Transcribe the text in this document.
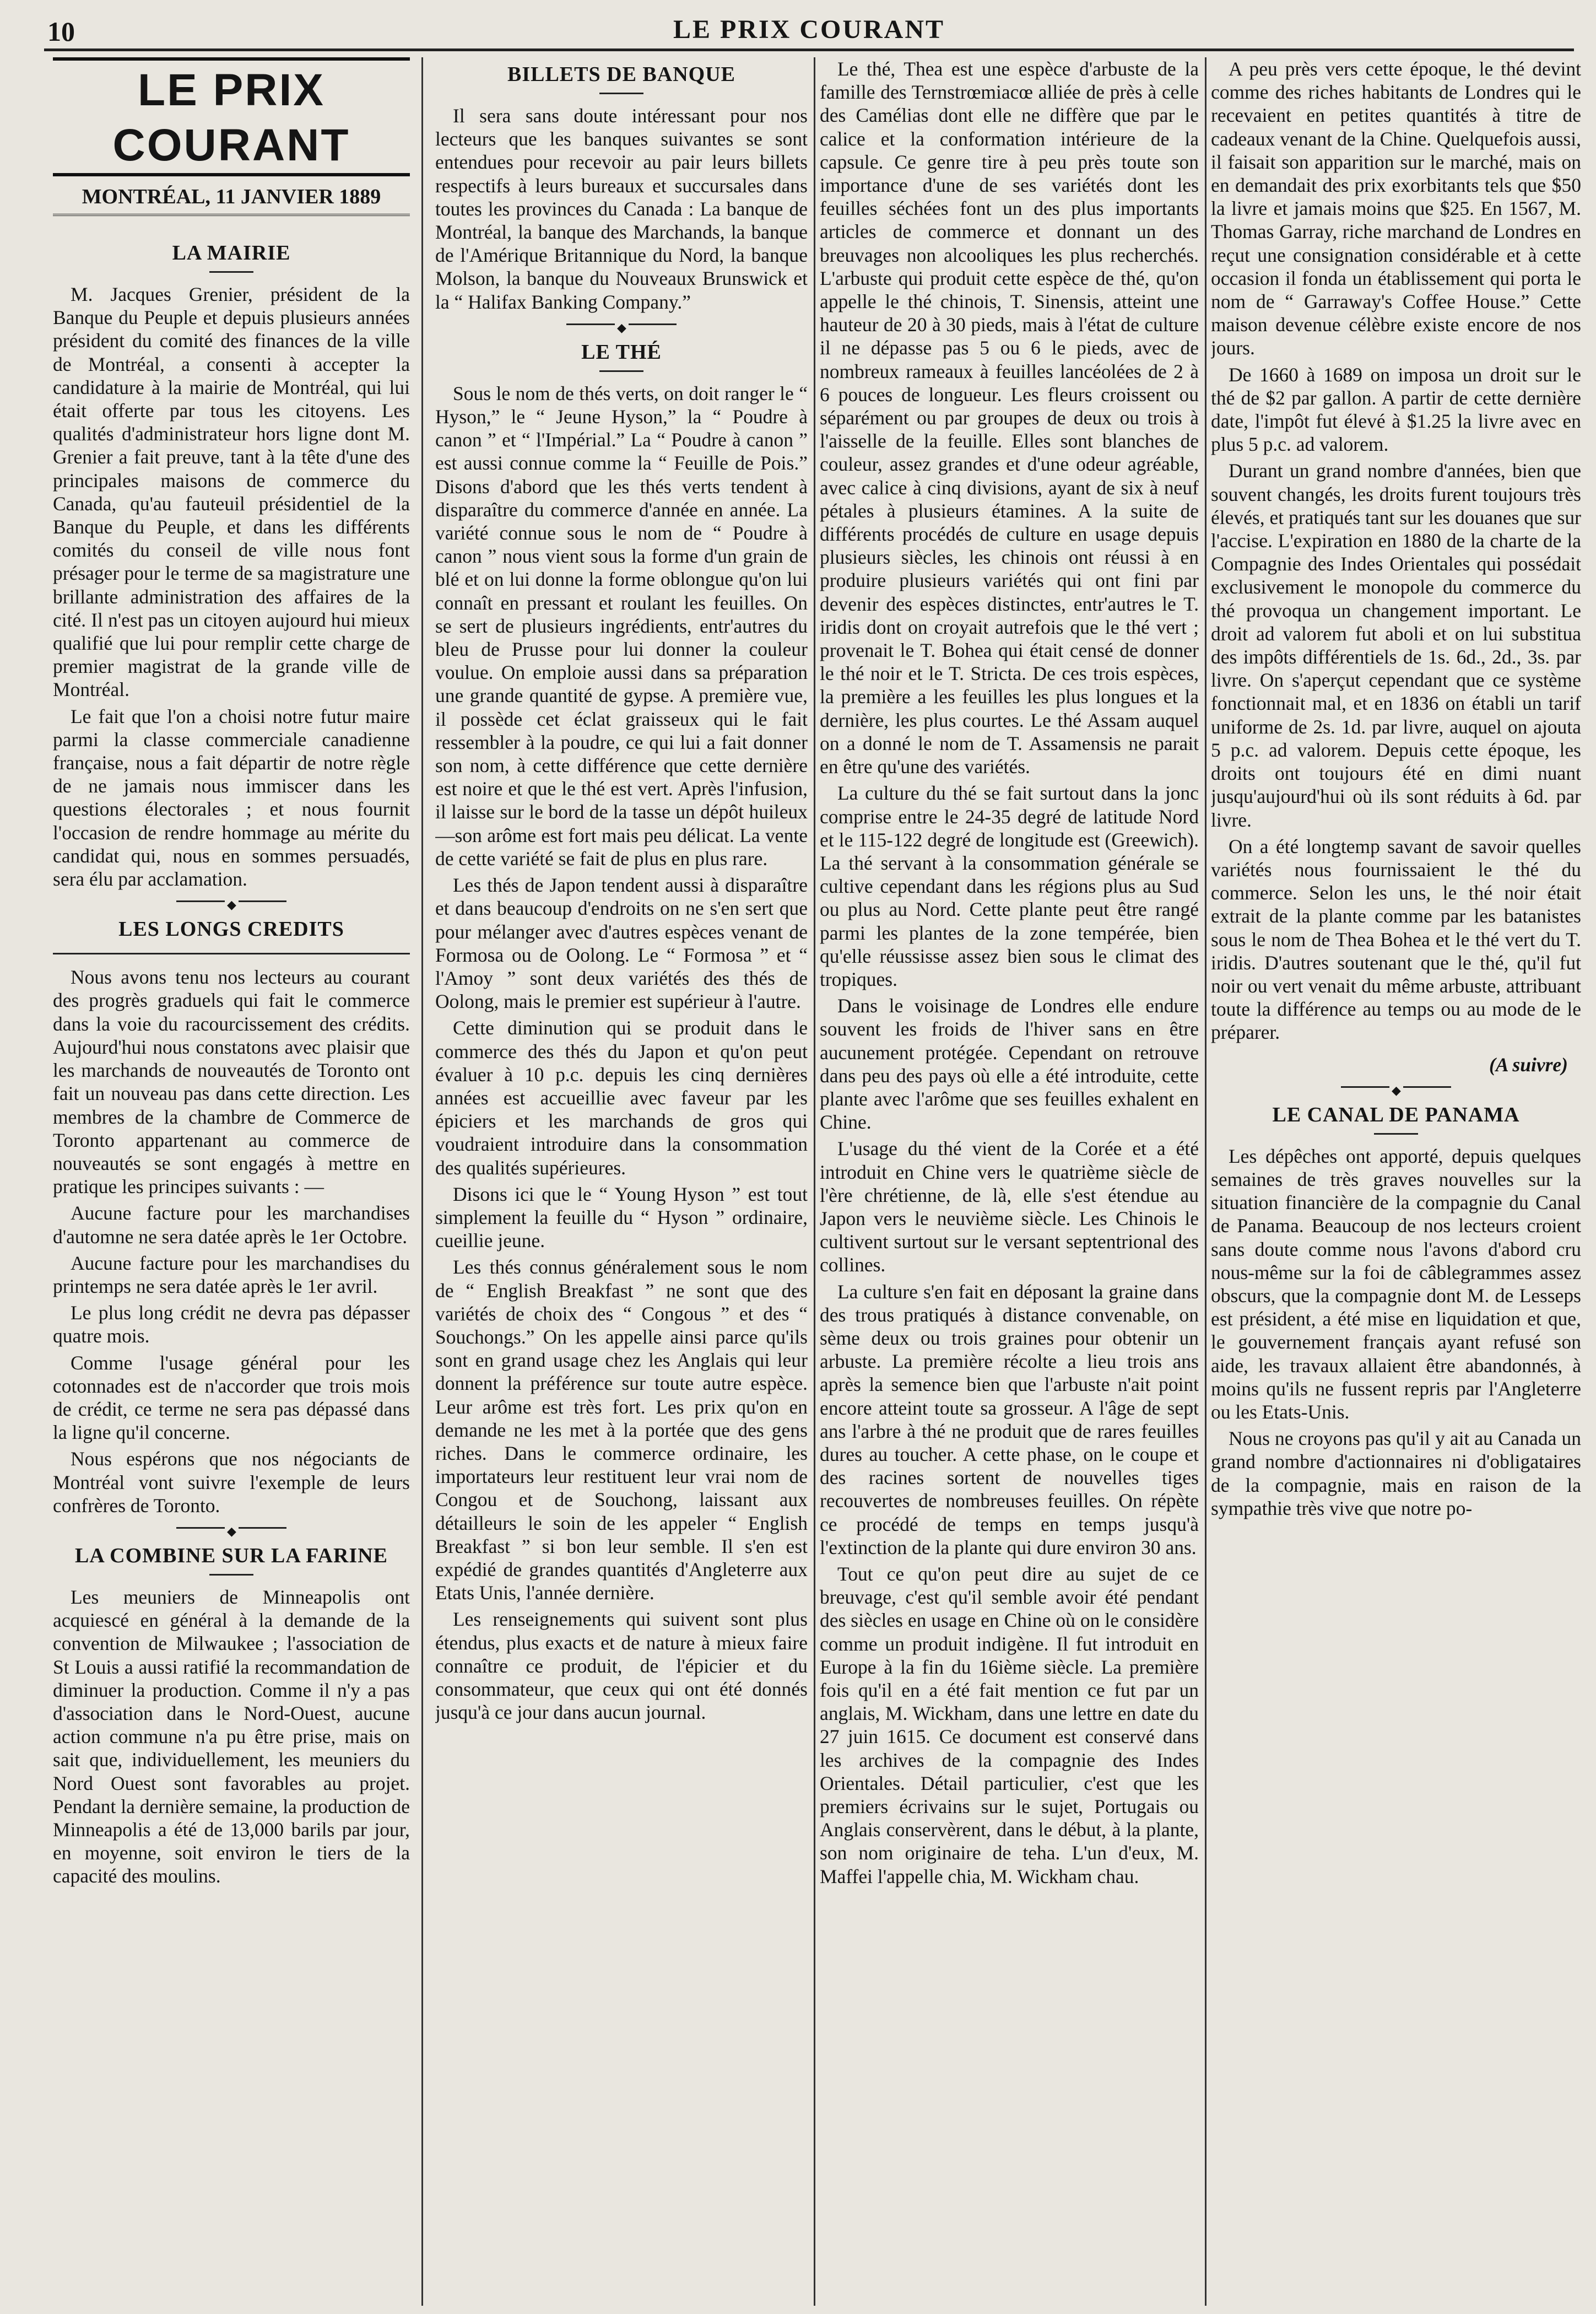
10	LE PRIX COURANT
LE PRIX COURANT
MONTRÉAL, 11 JANVIER 1889
LA MAIRIE

M. Jacques Grenier, président de la Banque du Peuple et depuis plusieurs années président du comité des finances de la ville de Montréal, a consenti à accepter la candidature à la mairie de Montréal, qui lui était offerte par tous les citoyens. Les qualités d'administrateur hors ligne dont M. Grenier a fait preuve, tant à la tête d'une des principales maisons de commerce du Canada, qu'au fauteuil présidentiel de la Banque du Peuple, et dans les différents comités du conseil de ville nous font présager pour le terme de sa magistrature une brillante administration des affaires de la cité. Il n'est pas un citoyen aujourd hui mieux qualifié que lui pour remplir cette charge de premier magistrat de la grande ville de Montréal.

Le fait que l'on a choisi notre futur maire parmi la classe commerciale canadienne française, nous a fait départir de notre règle de ne jamais nous immiscer dans les questions électorales ; et nous fournit l'occasion de rendre hommage au mérite du candidat qui, nous en sommes persuadés, sera élu par acclamation.

◆
LES LONGS CREDITS

Nous avons tenu nos lecteurs au courant des progrès graduels qui fait le commerce dans la voie du racourcissement des crédits. Aujourd'hui nous constatons avec plaisir que les marchands de nouveautés de Toronto ont fait un nouveau pas dans cette direction. Les membres de la chambre de Commerce de Toronto appartenant au commerce de nouveautés se sont engagés à mettre en pratique les principes suivants : —

Aucune facture pour les marchandises d'automne ne sera datée après le 1er Octobre.

Aucune facture pour les marchandises du printemps ne sera datée après le 1er avril.

Le plus long crédit ne devra pas dépasser quatre mois.

Comme l'usage général pour les cotonnades est de n'accorder que trois mois de crédit, ce terme ne sera pas dépassé dans la ligne qu'il concerne.

Nous espérons que nos négociants de Montréal vont suivre l'exemple de leurs confrères de Toronto.

◆
LA COMBINE SUR LA FARINE

Les meuniers de Minneapolis ont acquiescé en général à la demande de la convention de Milwaukee ; l'association de St Louis a aussi ratifié la recommandation de diminuer la production. Comme il n'y a pas d'association dans le Nord-Ouest, aucune action commune n'a pu être prise, mais on sait que, individuellement, les meuniers du Nord Ouest sont favorables au projet. Pendant la dernière semaine, la production de Minneapolis a été de 13,000 barils par jour, en moyenne, soit environ le tiers de la capacité des moulins.

BILLETS DE BANQUE

Il sera sans doute intéressant pour nos lecteurs que les banques suivantes se sont entendues pour recevoir au pair leurs billets respectifs à leurs bureaux et succursales dans toutes les provinces du Canada : La banque de Montréal, la banque des Marchands, la banque de l'Amérique Britannique du Nord, la banque Molson, la banque du Nouveaux Brunswick et la “ Halifax Banking Company.”

◆
LE THÉ

Sous le nom de thés verts, on doit ranger le “ Hyson,” le “ Jeune Hyson,” la “ Poudre à canon ” et “ l'Impérial.” La “ Poudre à canon ” est aussi connue comme la “ Feuille de Pois.” Disons d'abord que les thés verts tendent à disparaître du commerce d'année en année. La variété connue sous le nom de “ Poudre à canon ” nous vient sous la forme d'un grain de blé et on lui donne la forme oblongue qu'on lui connaît en pressant et roulant les feuilles. On se sert de plusieurs ingrédients, entr'autres du bleu de Prusse pour lui donner la couleur voulue. On emploie aussi dans sa préparation une grande quantité de gypse. A première vue, il possède cet éclat graisseux qui le fait ressembler à la poudre, ce qui lui a fait donner son nom, à cette différence que cette dernière est noire et que le thé est vert. Après l'infusion, il laisse sur le bord de la tasse un dépôt huileux—son arôme est fort mais peu délicat. La vente de cette variété se fait de plus en plus rare.

Les thés de Japon tendent aussi à disparaître et dans beaucoup d'endroits on ne s'en sert que pour mélanger avec d'autres espèces venant de Formosa ou de Oolong. Le “ Formosa ” et “ l'Amoy ” sont deux variétés des thés de Oolong, mais le premier est supérieur à l'autre.

Cette diminution qui se produit dans le commerce des thés du Japon et qu'on peut évaluer à 10 p.c. depuis les cinq dernières années est accueillie avec faveur par les épiciers et les marchands de gros qui voudraient introduire dans la consommation des qualités supérieures.

Disons ici que le “ Young Hyson ” est tout simplement la feuille du “ Hyson ” ordinaire, cueillie jeune.

Les thés connus généralement sous le nom de “ English Breakfast ” ne sont que des variétés de choix des “ Congous ” et des “ Souchongs.” On les appelle ainsi parce qu'ils sont en grand usage chez les Anglais qui leur donnent la préférence sur toute autre espèce. Leur arôme est très fort. Les prix qu'on en demande ne les met à la portée que des gens riches. Dans le commerce ordinaire, les importateurs leur restituent leur vrai nom de Congou et de Souchong, laissant aux détailleurs le soin de les appeler “ English Breakfast ” si bon leur semble. Il s'en est expédié de grandes quantités d'Angleterre aux Etats Unis, l'année dernière.

Les renseignements qui suivent sont plus étendus, plus exacts et de nature à mieux faire connaître ce produit, de l'épicier et du consommateur, que ceux qui ont été donnés jusqu'à ce jour dans aucun journal.

Le thé, Thea est une espèce d'arbuste de la famille des Ternstrœmiacœ alliée de près à celle des Camélias dont elle ne diffère que par le calice et la conformation intérieure de la capsule. Ce genre tire à peu près toute son importance d'une de ses variétés dont les feuilles séchées font un des plus importants articles de commerce et donnant un des breuvages non alcooliques les plus recherchés. L'arbuste qui produit cette espèce de thé, qu'on appelle le thé chinois, T. Sinensis, atteint une hauteur de 20 à 30 pieds, mais à l'état de culture il ne dépasse pas 5 ou 6 le pieds, avec de nombreux rameaux à feuilles lancéolées de 2 à 6 pouces de longueur. Les fleurs croissent ou séparément ou par groupes de deux ou trois à l'aisselle de la feuille. Elles sont blanches de couleur, assez grandes et d'une odeur agréable, avec calice à cinq divisions, ayant de six à neuf pétales à plusieurs étamines. A la suite de différents procédés de culture en usage depuis plusieurs siècles, les chinois ont réussi à en produire plusieurs variétés qui ont fini par devenir des espèces distinctes, entr'autres le T. iridis dont on croyait autrefois que le thé vert ; provenait le T. Bohea qui était censé de donner le thé noir et le T. Stricta. De ces trois espèces, la première a les feuilles les plus longues et la dernière, les plus courtes. Le thé Assam auquel on a donné le nom de T. Assamensis ne parait en être qu'une des variétés.

La culture du thé se fait surtout dans la jonc comprise entre le 24-35 degré de latitude Nord et le 115-122 degré de longitude est (Greewich). La thé servant à la consommation générale se cultive cependant dans les régions plus au Sud ou plus au Nord. Cette plante peut être rangé parmi les plantes de la zone tempérée, bien qu'elle réussisse assez bien sous le climat des tropiques.

Dans le voisinage de Londres elle endure souvent les froids de l'hiver sans en être aucunement protégée. Cependant on retrouve dans peu des pays où elle a été introduite, cette plante avec l'arôme que ses feuilles exhalent en Chine.

L'usage du thé vient de la Corée et a été introduit en Chine vers le quatrième siècle de l'ère chrétienne, de là, elle s'est étendue au Japon vers le neuvième siècle. Les Chinois le cultivent surtout sur le versant septentrional des collines.

La culture s'en fait en déposant la graine dans des trous pratiqués à distance convenable, on sème deux ou trois graines pour obtenir un arbuste. La première récolte a lieu trois ans après la semence bien que l'arbuste n'ait point encore atteint toute sa grosseur. A l'âge de sept ans l'arbre à thé ne produit que de rares feuilles dures au toucher. A cette phase, on le coupe et des racines sortent de nouvelles tiges recouvertes de nombreuses feuilles. On répète ce procédé de temps en temps jusqu'à l'extinction de la plante qui dure environ 30 ans.

Tout ce qu'on peut dire au sujet de ce breuvage, c'est qu'il semble avoir été pendant des siècles en usage en Chine où on le considère comme un produit indigène. Il fut introduit en Europe à la fin du 16ième siècle. La première fois qu'il en a été fait mention ce fut par un anglais, M. Wickham, dans une lettre en date du 27 juin 1615. Ce document est conservé dans les archives de la compagnie des Indes Orientales. Détail particulier, c'est que les premiers écrivains sur le sujet, Portugais ou Anglais conservèrent, dans le début, à la plante, son nom originaire de teha. L'un d'eux, M. Maffei l'appelle chia, M. Wickham chau.

A peu près vers cette époque, le thé devint comme des riches habitants de Londres qui le recevaient en petites quantités à titre de cadeaux venant de la Chine. Quelquefois aussi, il faisait son apparition sur le marché, mais on en demandait des prix exorbitants tels que $50 la livre et jamais moins que $25. En 1567, M. Thomas Garray, riche marchand de Londres en reçut une consignation considérable et à cette occasion il fonda un établissement qui porta le nom de “ Garraway's Coffee House.” Cette maison devenue célèbre existe encore de nos jours.

De 1660 à 1689 on imposa un droit sur le thé de $2 par gallon. A partir de cette dernière date, l'impôt fut élevé à $1.25 la livre avec en plus 5 p.c. ad valorem.

Durant un grand nombre d'années, bien que souvent changés, les droits furent toujours très élevés, et pratiqués tant sur les douanes que sur l'accise. L'expiration en 1880 de la charte de la Compagnie des Indes Orientales qui possédait exclusivement le monopole du commerce du thé provoqua un changement important. Le droit ad valorem fut aboli et on lui substitua des impôts différentiels de 1s. 6d., 2d., 3s. par livre. On s'aperçut cependant que ce système fonctionnait mal, et en 1836 on établi un tarif uniforme de 2s. 1d. par livre, auquel on ajouta 5 p.c. ad valorem. Depuis cette époque, les droits ont toujours été en dimi nuant jusqu'aujourd'hui où ils sont réduits à 6d. par livre.

On a été longtemp savant de savoir quelles variétés nous fournissaient le thé du commerce. Selon les uns, le thé noir était extrait de la plante comme par les batanistes sous le nom de Thea Bohea et le thé vert du T. iridis. D'autres soutenant que le thé, qu'il fut noir ou vert venait du même arbuste, attribuant toute la différence au temps ou au mode de le préparer.

(A suivre)

◆
LE CANAL DE PANAMA

Les dépêches ont apporté, depuis quelques semaines de très graves nouvelles sur la situation financière de la compagnie du Canal de Panama. Beaucoup de nos lecteurs croient sans doute comme nous l'avons d'abord cru nous-même sur la foi de câblegrammes assez obscurs, que la compagnie dont M. de Lesseps est président, a été mise en liquidation et que, le gouvernement français ayant refusé son aide, les travaux allaient être abandonnés, à moins qu'ils ne fussent repris par l'Angleterre ou les Etats-Unis.

Nous ne croyons pas qu'il y ait au Canada un grand nombre d'actionnaires ni d'obligataires de la compagnie, mais en raison de la sympathie très vive que notre po-
